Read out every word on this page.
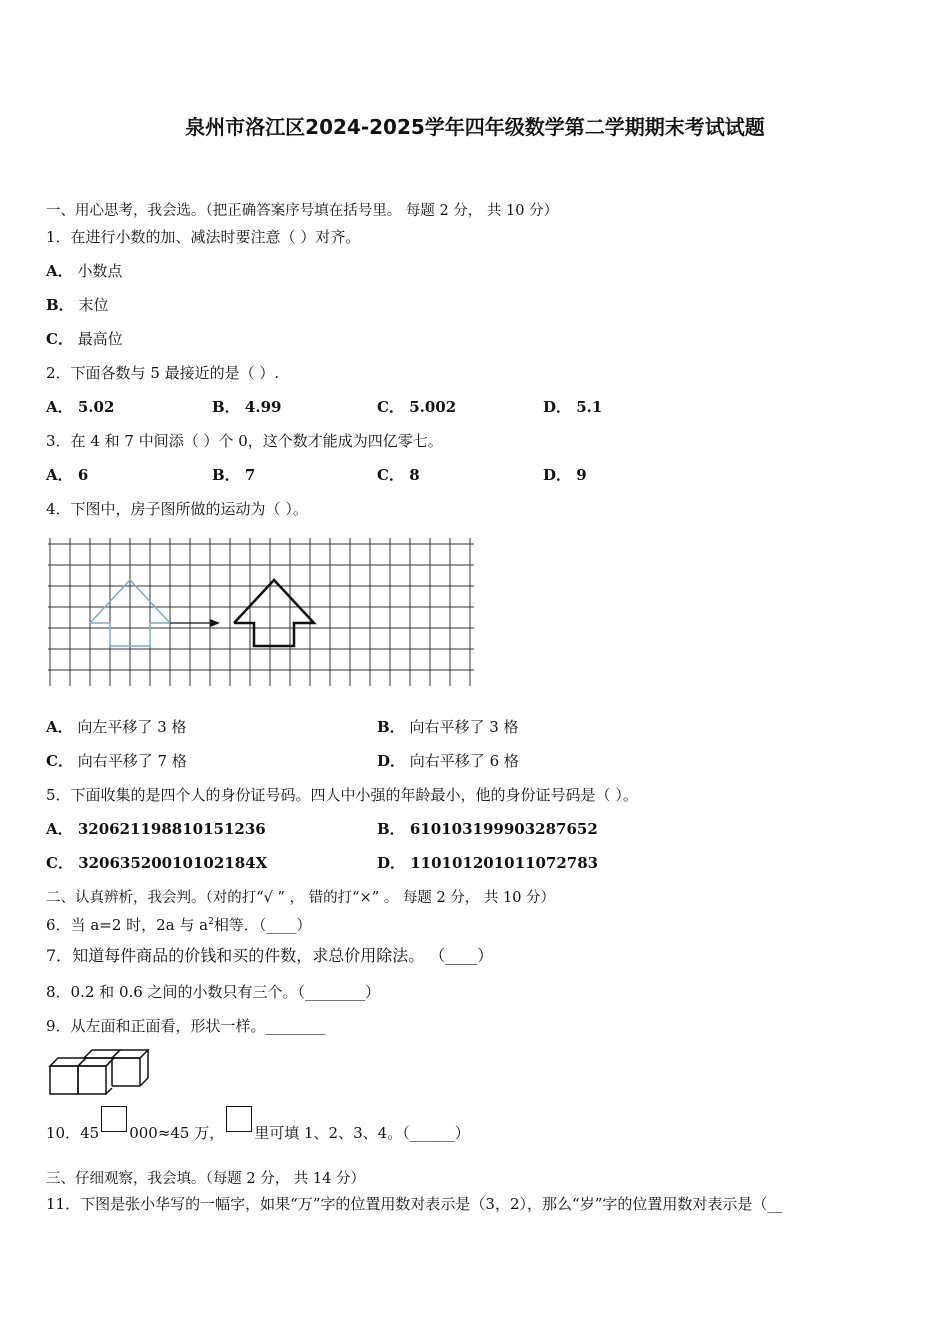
泉州市洛江区2024-2025学年四年级数学第二学期期末考试试题
一、用心思考，我会选。（把正确答案序号填在括号里。 每题 2 分， 共 10 分）
1．在进行小数的加、减法时要注意（ ）对齐。
A． 小数点
B． 末位
C． 最高位
2．下面各数与 5 最接近的是（ ）.
A． 5.02	B． 4.99	C． 5.002	D． 5.1
3．在 4 和 7 中间添（ ）个 0，这个数才能成为四亿零七。
A． 6	B． 7	C． 8	D． 9
4．下图中，房子图所做的运动为（ ）。
A． 向左平移了 3 格	B． 向右平移了 3 格
C． 向右平移了 7 格	D． 向右平移了 6 格
5．下面收集的是四个人的身份证号码。四人中小强的年龄最小，他的身份证号码是（ ）。
A． 320621198810151236	B． 610103199903287652
C． 32063520010102184X	D． 110101201011072783
二、认真辨析，我会判。（对的打“√ ” ， 错的打“×” 。 每题 2 分， 共 10 分）
6．当 a=2 时，2a 与 $a^2$相等．（____）
7．知道每件商品的价钱和买的件数，求总价用除法。 （____）
8．0.2 和 0.6 之间的小数只有三个。（________）
9．从左面和正面看，形状一样。________
10．45 000≈45 万， 里可填 1、2、3、4。（______）
三、仔细观察，我会填。（每题 2 分， 共 14 分）
11．下图是张小华写的一幅字，如果“万”字的位置用数对表示是（3，2），那么“岁”字的位置用数对表示是（__
